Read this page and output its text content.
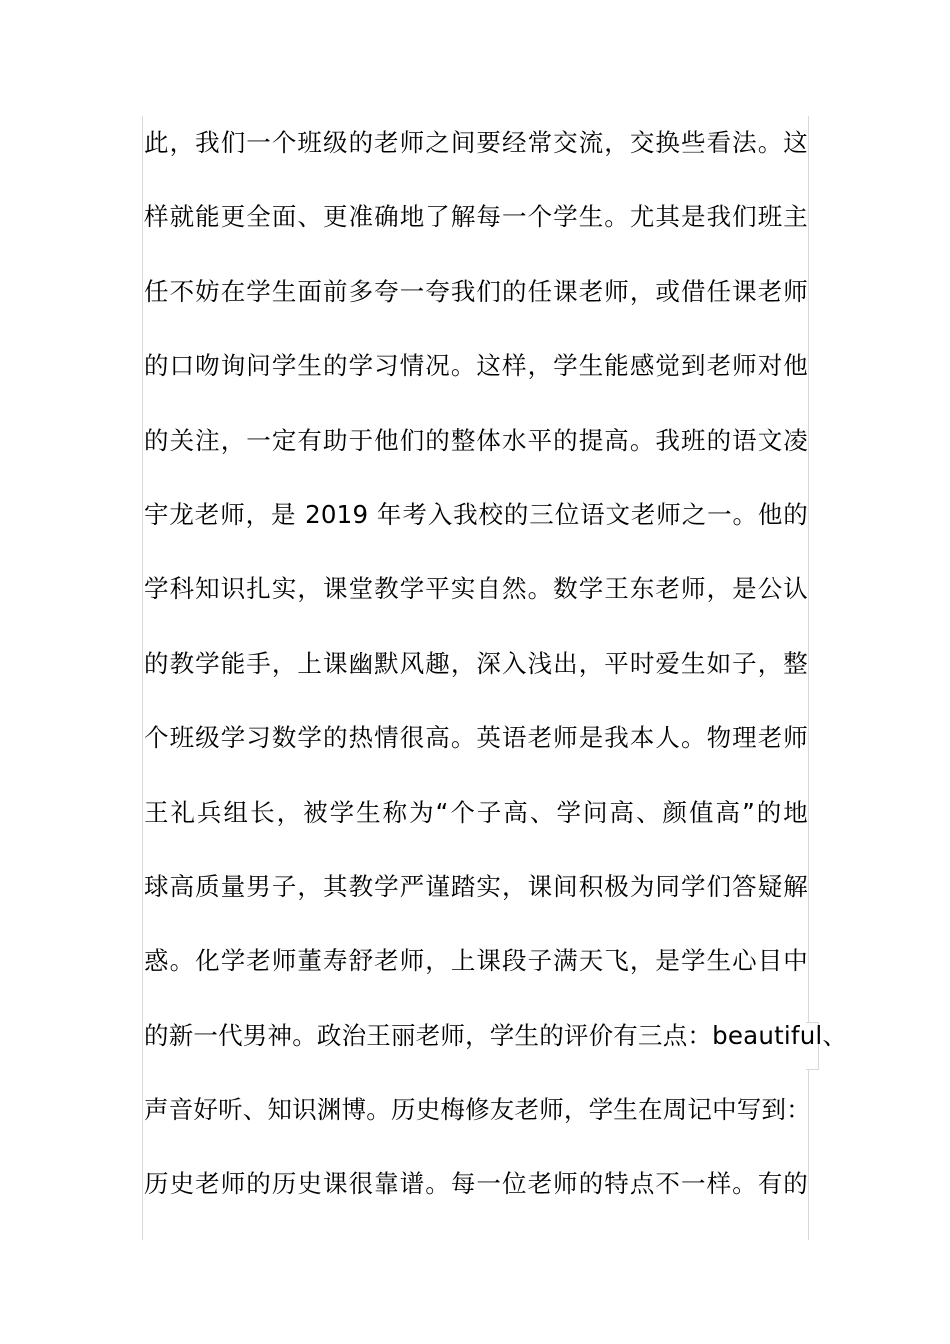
此，我们一个班级的老师之间要经常交流，交换些看法。这
样就能更全面、更准确地了解每一个学生。尤其是我们班主
任不妨在学生面前多夸一夸我们的任课老师，或借任课老师
的口吻询问学生的学习情况。这样，学生能感觉到老师对他
的关注，一定有助于他们的整体水平的提高。我班的语文凌
宇龙老师，是 2019 年考入我校的三位语文老师之一。他的
学科知识扎实，课堂教学平实自然。数学王东老师，是公认
的教学能手，上课幽默风趣，深入浅出，平时爱生如子，整
个班级学习数学的热情很高。英语老师是我本人。物理老师
王礼兵组长，被学生称为“个子高、学问高、颜值高”的地
球高质量男子，其教学严谨踏实，课间积极为同学们答疑解
惑。化学老师董寿舒老师，上课段子满天飞，是学生心目中
的新一代男神。政治王丽老师，学生的评价有三点：beautiful、
声音好听、知识渊博。历史梅修友老师，学生在周记中写到：
历史老师的历史课很靠谱。每一位老师的特点不一样。有的
